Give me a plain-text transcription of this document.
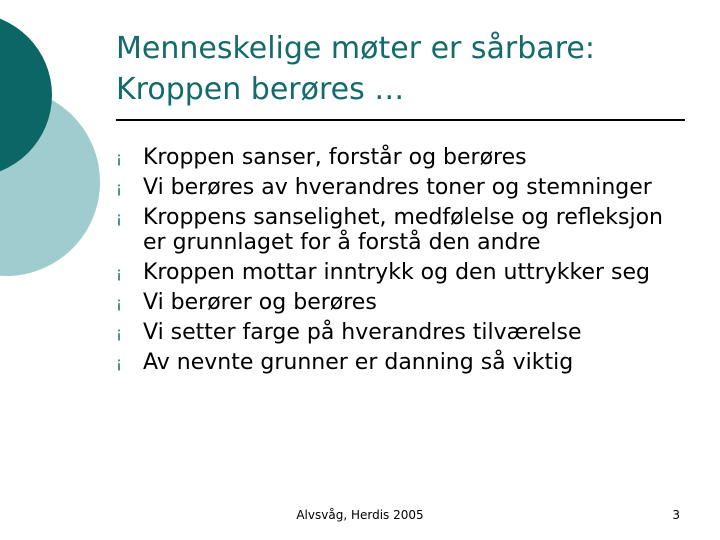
Menneskelige møter er sårbare: Kroppen berøres …
¡ Kroppen sanser, forstår og berøres
¡ Vi berøres av hverandres toner og stemninger
¡ Kroppens sanselighet, medfølelse og refleksjon er grunnlaget for å forstå den andre
¡ Kroppen mottar inntrykk og den uttrykker seg
¡ Vi berører og berøres
¡ Vi setter farge på hverandres tilværelse
¡ Av nevnte grunner er danning så viktig
Alvsvåg, Herdis 2005	3
